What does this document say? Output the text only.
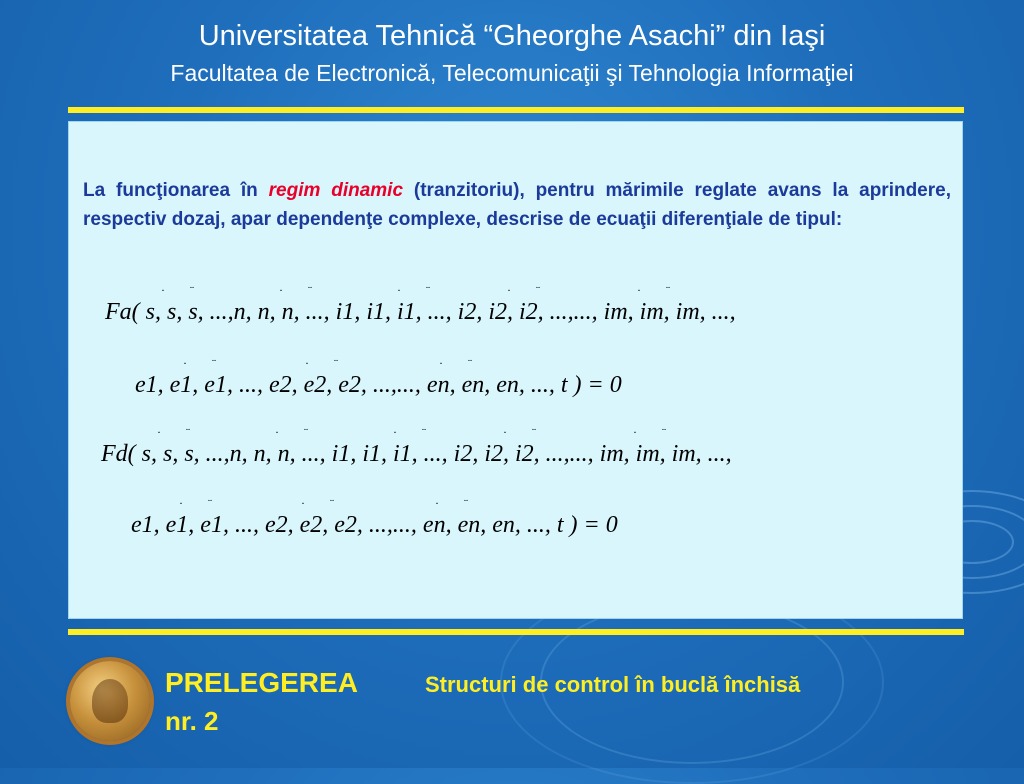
Universitatea Tehnică “Gheorghe Asachi” din Iaşi
Facultatea de Electronică, Telecomunicaţii şi Tehnologia Informaţiei
La funcţionarea în regim dinamic (tranzitoriu), pentru mărimile reglate avans la aprindere, respectiv dozaj, apar dependenţe complexe, descrise de ecuaţii diferenţiale de tipul:
·      ¨                     ·      ¨                     ·      ¨                   ·      ¨                        ·      ¨
Fa( s, s, s, ...,n, n, n, ..., i1, i1, i1, ..., i2, i2, i2, ...,..., im, im, im, ...,
·      ¨                      ·      ¨                         ·      ¨
e1, e1, e1, ..., e2, e2, e2, ...,..., en, en, en, ..., t ) = 0
·      ¨                     ·      ¨                     ·      ¨                   ·      ¨                        ·      ¨
Fd( s, s, s, ...,n, n, n, ..., i1, i1, i1, ..., i2, i2, i2, ...,..., im, im, im, ...,
·      ¨                      ·      ¨                         ·      ¨
e1, e1, e1, ..., e2, e2, e2, ...,..., en, en, en, ..., t ) = 0
PRELEGEREA
nr. 2
Structuri de control în buclă închisă
